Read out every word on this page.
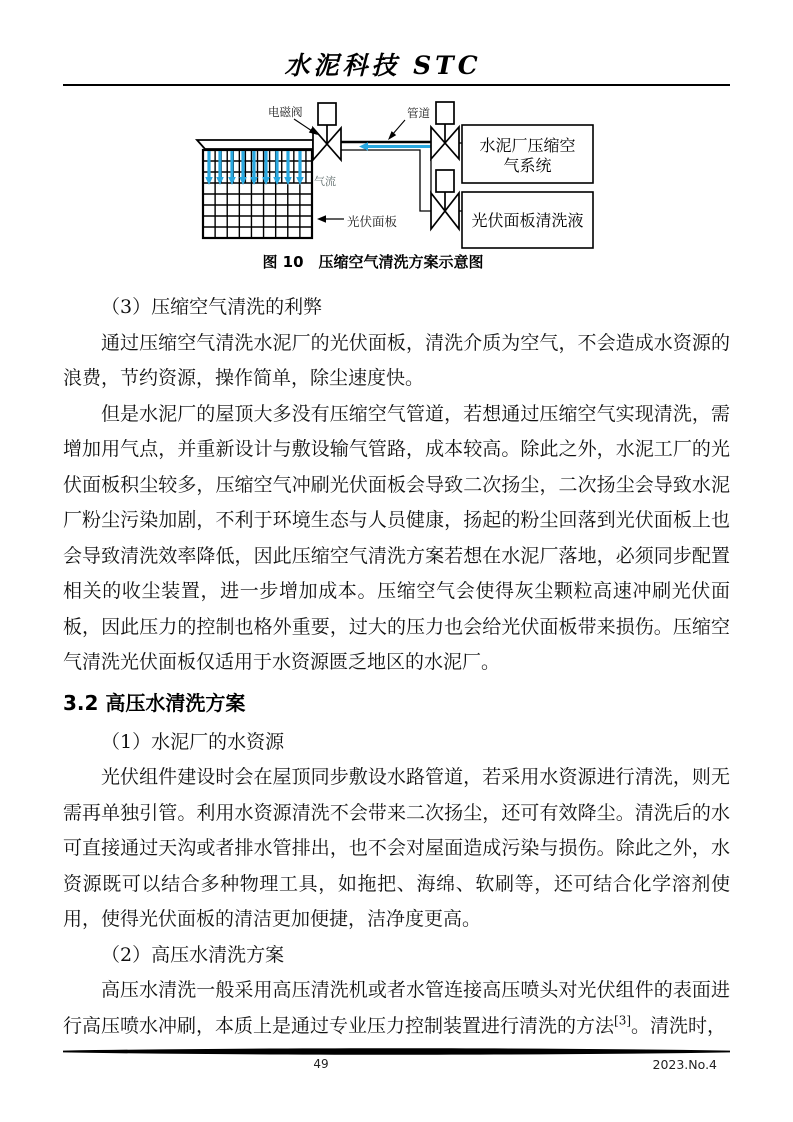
水泥科技 STC
水泥厂压缩空
气系统
光伏面板清洗液
电磁阀	管道
气流
光伏面板
图 10　压缩空气清洗方案示意图

（3）压缩空气清洗的利弊

通过压缩空气清洗水泥厂的光伏面板，清洗介质为空气，不会造成水资源的浪费，节约资源，操作简单，除尘速度快。

但是水泥厂的屋顶大多没有压缩空气管道，若想通过压缩空气实现清洗，需增加用气点，并重新设计与敷设输气管路，成本较高。除此之外，水泥工厂的光伏面板积尘较多，压缩空气冲刷光伏面板会导致二次扬尘，二次扬尘会导致水泥厂粉尘污染加剧，不利于环境生态与人员健康，扬起的粉尘回落到光伏面板上也会导致清洗效率降低，因此压缩空气清洗方案若想在水泥厂落地，必须同步配置相关的收尘装置，进一步增加成本。压缩空气会使得灰尘颗粒高速冲刷光伏面板，因此压力的控制也格外重要，过大的压力也会给光伏面板带来损伤。压缩空气清洗光伏面板仅适用于水资源匮乏地区的水泥厂。

3.2 高压水清洗方案

（1）水泥厂的水资源

光伏组件建设时会在屋顶同步敷设水路管道，若采用水资源进行清洗，则无需再单独引管。利用水资源清洗不会带来二次扬尘，还可有效降尘。清洗后的水可直接通过天沟或者排水管排出，也不会对屋面造成污染与损伤。除此之外，水资源既可以结合多种物理工具，如拖把、海绵、软刷等，还可结合化学溶剂使用，使得光伏面板的清洁更加便捷，洁净度更高。

（2）高压水清洗方案

高压水清洗一般采用高压清洗机或者水管连接高压喷头对光伏组件的表面进行高压喷水冲刷，本质上是通过专业压力控制装置进行清洗的方法[3]。清洗时，

49	2023.No.4
